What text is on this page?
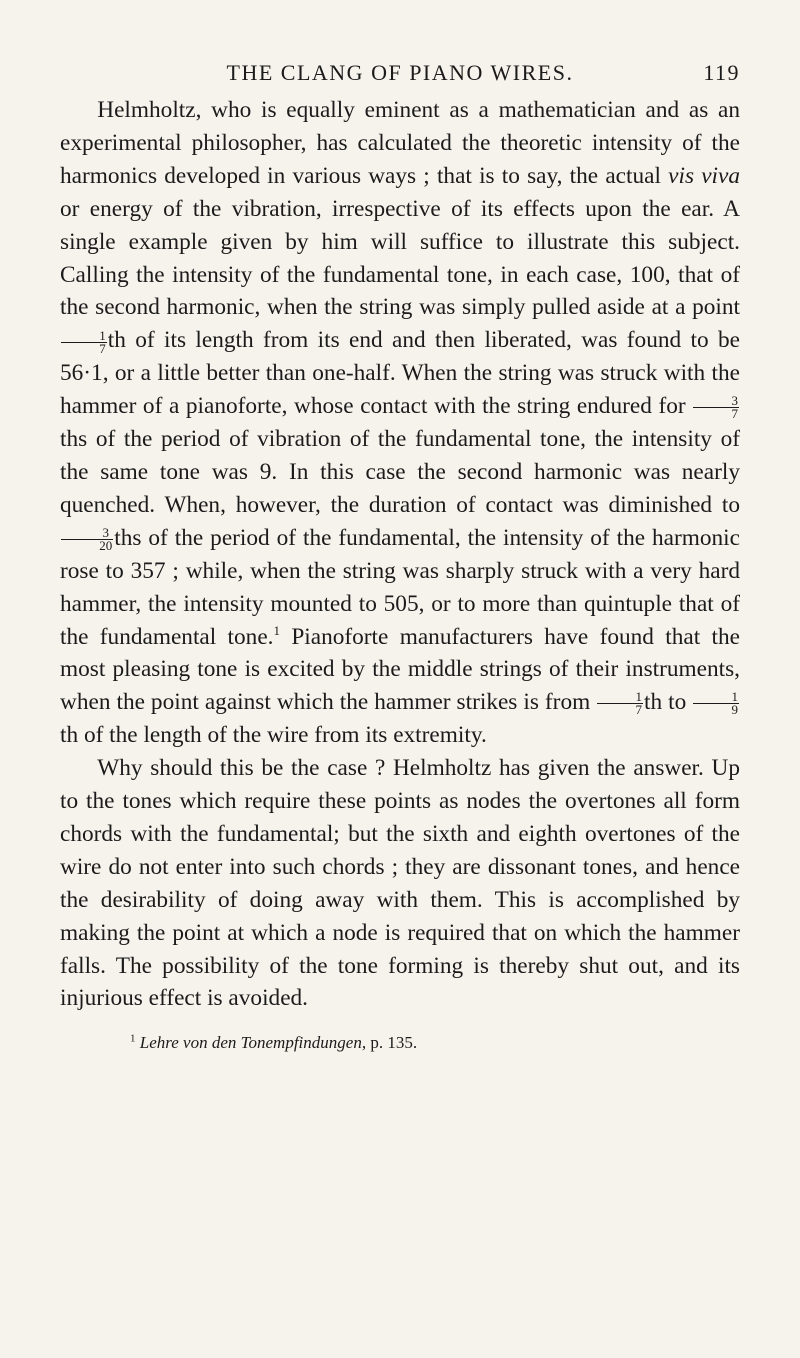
THE CLANG OF PIANO WIRES.	119

Helmholtz, who is equally eminent as a mathematician and as an experimental philosopher, has calculated the theoretic intensity of the harmonics developed in various ways ; that is to say, the actual vis viva or energy of the vibration, irrespective of its effects upon the ear. A single example given by him will suffice to illustrate this subject. Calling the intensity of the fundamental tone, in each case, 100, that of the second harmonic, when the string was simply pulled aside at a point
$\frac{1}{7}$ th of its length from its end and then liberated, was found to be 56·1, or a little better than one-half. When the string was struck with the hammer of a pianoforte, whose contact with the string endured for $\frac{3}{7}$
ths of the period of vibration of the fundamental tone, the intensity of the same tone was 9. In this case the second harmonic was nearly quenched. When, however, the duration of contact was diminished to
$\frac{3}{20}$ ths of the period of the fundamental, the intensity of the harmonic rose to 357 ; while, when the string was sharply struck with a very hard hammer, the intensity mounted to 505, or to more than quintuple that of the fundamental tone.$^1$ Pianoforte manufacturers have found that the most pleasing tone is excited by the middle strings of their instruments, when the point against which the hammer strikes is from $\frac{1}{7}$ th to $\frac{1}{9}$
th of the length of the wire from its extremity.

Why should this be the case ? Helmholtz has given the answer. Up to the tones which require these points as nodes the overtones all form chords with the fundamental; but the sixth and eighth overtones of the wire do not enter into such chords ; they are dissonant tones, and hence the desirability of doing away with them. This is accomplished by making the point at which a node is required that on which the hammer falls. The possibility of the tone forming is thereby shut out, and its injurious effect is avoided.

$^1$ Lehre von den Tonempfindungen, p. 135.
